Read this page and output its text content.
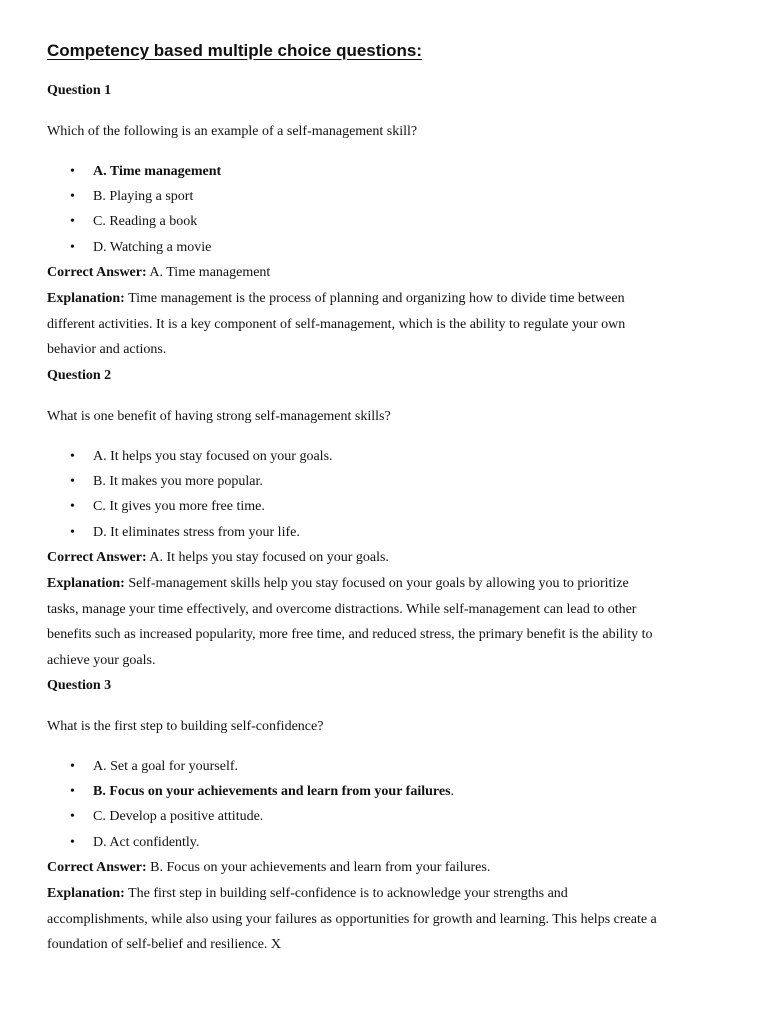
Competency based multiple choice questions:

Question 1

Which of the following is an example of a self-management skill?

• A. Time management

• B. Playing a sport

• C. Reading a book

• D. Watching a movie

Correct Answer: A. Time management

Explanation: Time management is the process of planning and organizing how to divide time between
different activities. It is a key component of self-management, which is the ability to regulate your own
behavior and actions.

Question 2

What is one benefit of having strong self-management skills?

• A. It helps you stay focused on your goals.

• B. It makes you more popular.

• C. It gives you more free time.

• D. It eliminates stress from your life.

Correct Answer: A. It helps you stay focused on your goals.

Explanation: Self-management skills help you stay focused on your goals by allowing you to prioritize
tasks, manage your time effectively, and overcome distractions. While self-management can lead to other
benefits such as increased popularity, more free time, and reduced stress, the primary benefit is the ability to
achieve your goals.

Question 3

What is the first step to building self-confidence?

• A. Set a goal for yourself.

• B. Focus on your achievements and learn from your failures.

• C. Develop a positive attitude.

• D. Act confidently.

Correct Answer: B. Focus on your achievements and learn from your failures.

Explanation: The first step in building self-confidence is to acknowledge your strengths and
accomplishments, while also using your failures as opportunities for growth and learning. This helps create a
foundation of self-belief and resilience. X
